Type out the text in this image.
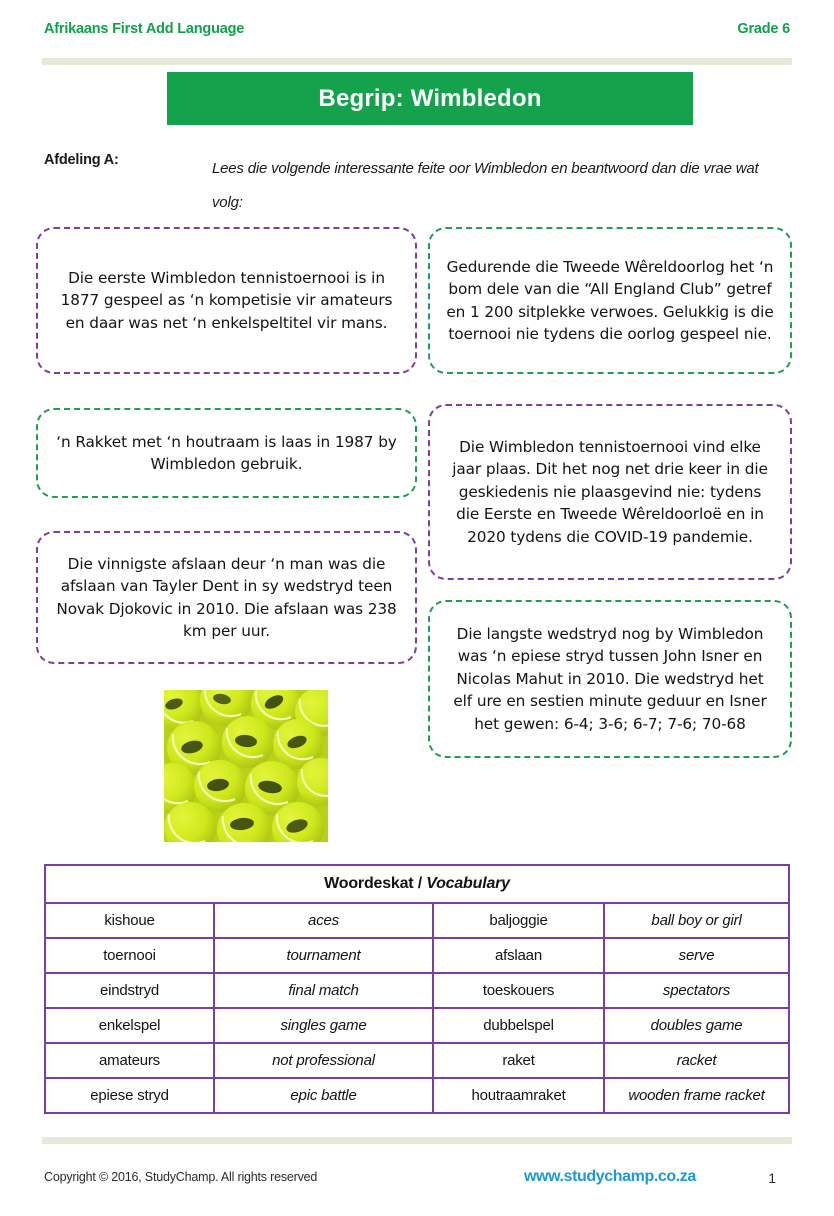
Afrikaans First Add Language	Grade 6
Begrip: Wimbledon
Afdeling A:	Lees die volgende interessante feite oor Wimbledon en beantwoord dan die vrae wat volg:
Die eerste Wimbledon tennistoernooi is in 1877 gespeel as ‘n kompetisie vir amateurs en daar was net ‘n enkelspeltitel vir mans.
Gedurende die Tweede Wêreldoorlog het ‘n bom dele van die “All England Club” getref en 1 200 sitplekke verwoes. Gelukkig is die toernooi nie tydens die oorlog gespeel nie.
‘n Rakket met ‘n houtraam is laas in 1987 by Wimbledon gebruik.
Die Wimbledon tennistoernooi vind elke jaar plaas. Dit het nog net drie keer in die geskiedenis nie plaasgevind nie: tydens die Eerste en Tweede Wêreldoorloë en in 2020 tydens die COVID-19 pandemie.
Die vinnigste afslaan deur ‘n man was die afslaan van Tayler Dent in sy wedstryd teen Novak Djokovic in 2010. Die afslaan was 238 km per uur.	Die langste wedstryd nog by Wimbledon was ‘n epiese stryd tussen John Isner en Nicolas Mahut in 2010. Die wedstryd het elf ure en sestien minute geduur en Isner het gewen: 6-4; 3-6; 6-7; 7-6; 70-68
Woordeskat / Vocabulary			
kishoue	aces	baljoggie	ball boy or girl
toernooi	tournament	afslaan	serve
eindstryd	final match	toeskouers	spectators
enkelspel	singles game	dubbelspel	doubles game
amateurs	not professional	raket	racket
epiese stryd	epic battle	houtraamraket	wooden frame racket
Copyright © 2016, StudyChamp. All rights reserved	www.studychamp.co.za	1
